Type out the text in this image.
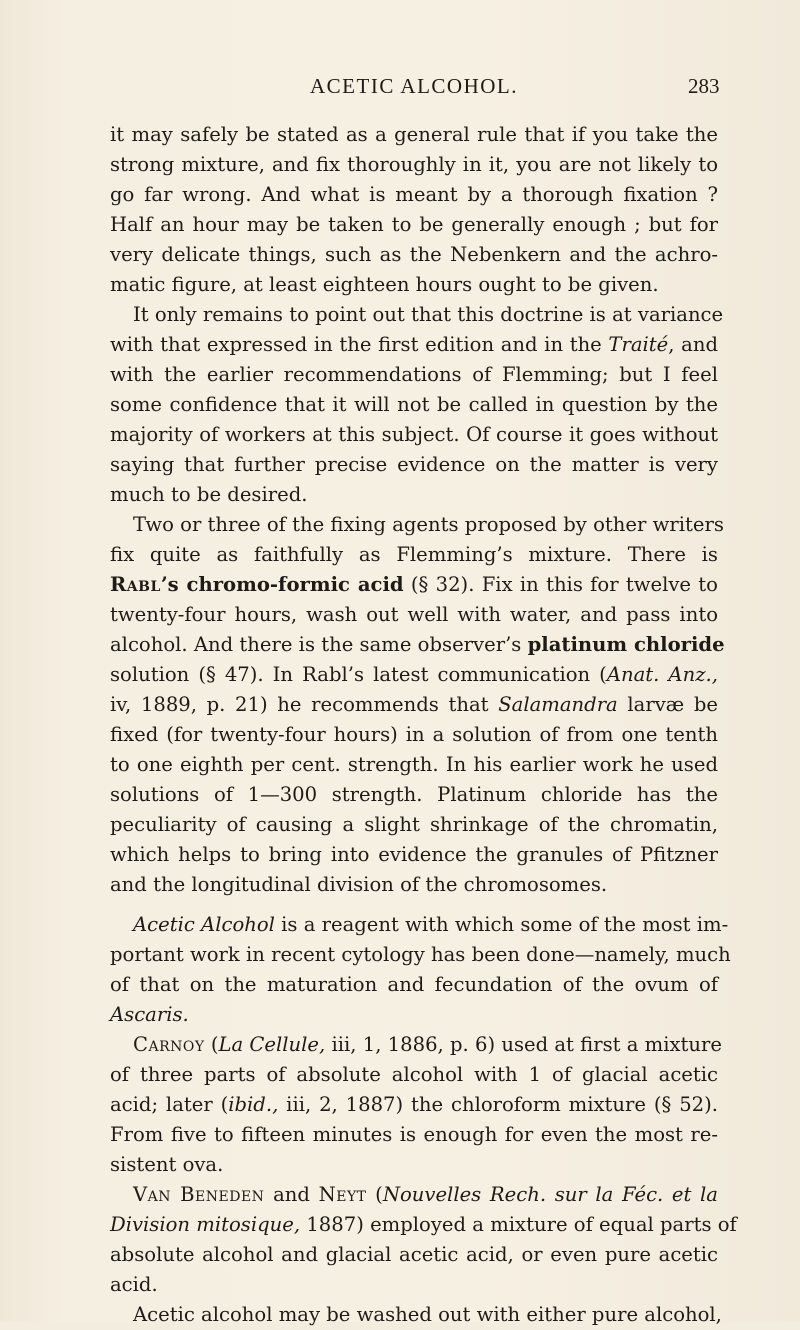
ACETIC ALCOHOL.	283
it may safely be stated as a general rule that if you take the
strong mixture, and fix thoroughly in it, you are not likely to
go far wrong. And what is meant by a thorough fixation ?
Half an hour may be taken to be generally enough ; but for
very delicate things, such as the Nebenkern and the achro-
matic figure, at least eighteen hours ought to be given.
It only remains to point out that this doctrine is at variance
with that expressed in the first edition and in the Traité, and
with the earlier recommendations of Flemming; but I feel
some confidence that it will not be called in question by the
majority of workers at this subject. Of course it goes without
saying that further precise evidence on the matter is very
much to be desired.
Two or three of the fixing agents proposed by other writers
fix quite as faithfully as Flemming’s mixture. There is
Rabl’s chromo-formic acid (§ 32). Fix in this for twelve to
twenty-four hours, wash out well with water, and pass into
alcohol. And there is the same observer’s platinum chloride
solution (§ 47). In Rabl’s latest communication (Anat. Anz.,
iv, 1889, p. 21) he recommends that Salamandra larvæ be
fixed (for twenty-four hours) in a solution of from one tenth
to one eighth per cent. strength. In his earlier work he used
solutions of 1—300 strength. Platinum chloride has the
peculiarity of causing a slight shrinkage of the chromatin,
which helps to bring into evidence the granules of Pfitzner
and the longitudinal division of the chromosomes.
Acetic Alcohol is a reagent with which some of the most im-
portant work in recent cytology has been done—namely, much
of that on the maturation and fecundation of the ovum of
Ascaris.
Carnoy (La Cellule, iii, 1, 1886, p. 6) used at first a mixture
of three parts of absolute alcohol with 1 of glacial acetic
acid; later (ibid., iii, 2, 1887) the chloroform mixture (§ 52).
From five to fifteen minutes is enough for even the most re-
sistent ova.
Van Beneden and Neyt (Nouvelles Rech. sur la Féc. et la
Division mitosique, 1887) employed a mixture of equal parts of
absolute alcohol and glacial acetic acid, or even pure acetic
acid.
Acetic alcohol may be washed out with either pure alcohol,
